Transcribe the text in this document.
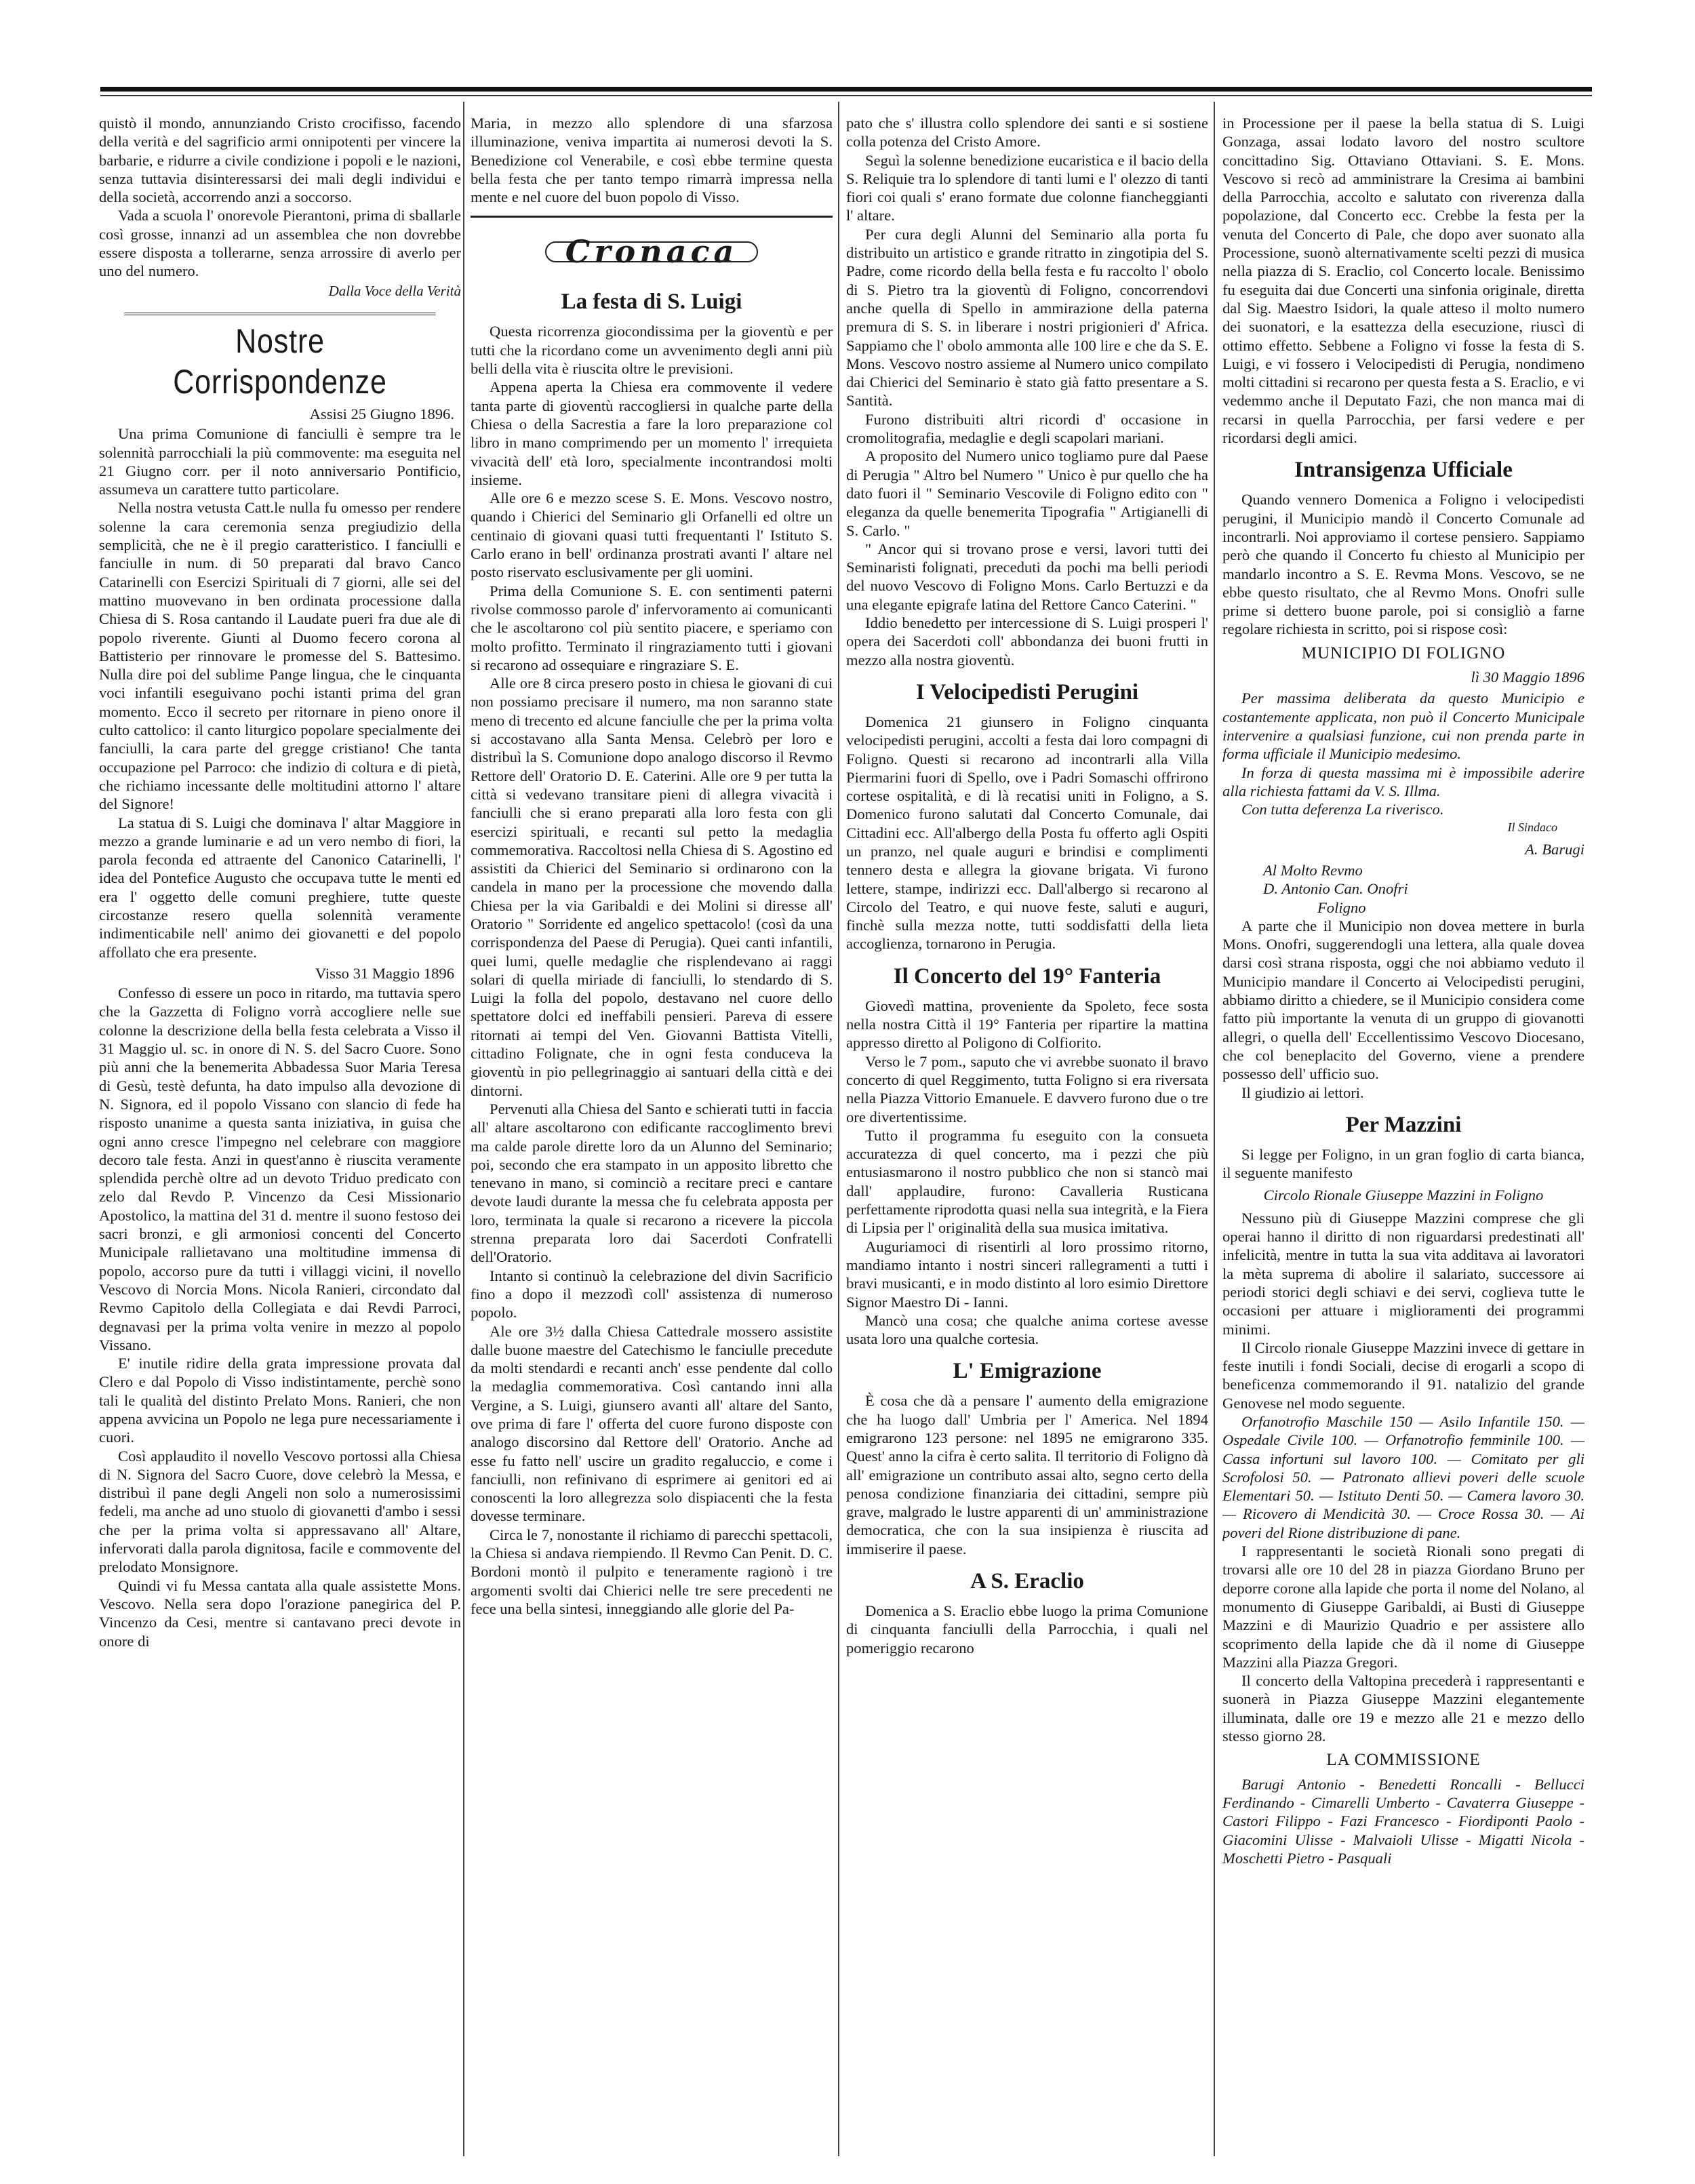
quistò il mondo, annunziando Cristo crocifisso, facendo della verità e del sagrificio armi onnipotenti per vincere la barbarie, e ridurre a civile condizione i popoli e le nazioni, senza tuttavia disinteressarsi dei mali degli individui e della società, accorrendo anzi a soccorso.

Vada a scuola l' onorevole Pierantoni, prima di sballarle così grosse, innanzi ad un assemblea che non dovrebbe essere disposta a tollerarne, senza arrossire di averlo per uno del numero.

Dalla Voce della Verità
Nostre Corrispondenze
Assisi 25 Giugno 1896.

Una prima Comunione di fanciulli è sempre tra le solennità parrocchiali la più commovente: ma eseguita nel 21 Giugno corr. per il noto anniversario Pontificio, assumeva un carattere tutto particolare.

Nella nostra vetusta Catt.le nulla fu omesso per rendere solenne la cara ceremonia senza pregiudizio della semplicità, che ne è il pregio caratteristico. I fanciulli e fanciulle in num. di 50 preparati dal bravo Canco Catarinelli con Esercizi Spirituali di 7 giorni, alle sei del mattino muovevano in ben ordinata processione dalla Chiesa di S. Rosa cantando il Laudate pueri fra due ale di popolo riverente. Giunti al Duomo fecero corona al Battisterio per rinnovare le promesse del S. Battesimo. Nulla dire poi del sublime Pange lingua, che le cinquanta voci infantili eseguivano pochi istanti prima del gran momento. Ecco il secreto per ritornare in pieno onore il culto cattolico: il canto liturgico popolare specialmente dei fanciulli, la cara parte del gregge cristiano! Che tanta occupazione pel Parroco: che indizio di coltura e di pietà, che richiamo incessante delle moltitudini attorno l' altare del Signore!

La statua di S. Luigi che dominava l' altar Maggiore in mezzo a grande luminarie e ad un vero nembo di fiori, la parola feconda ed attraente del Canonico Catarinelli, l' idea del Pontefice Augusto che occupava tutte le menti ed era l' oggetto delle comuni preghiere, tutte queste circostanze resero quella solennità veramente indimenticabile nell' animo dei giovanetti e del popolo affollato che era presente.

Visso 31 Maggio 1896

Confesso di essere un poco in ritardo, ma tuttavia spero che la Gazzetta di Foligno vorrà accogliere nelle sue colonne la descrizione della bella festa celebrata a Visso il 31 Maggio ul. sc. in onore di N. S. del Sacro Cuore. Sono più anni che la benemerita Abbadessa Suor Maria Teresa di Gesù, testè defunta, ha dato impulso alla devozione di N. Signora, ed il popolo Vissano con slancio di fede ha risposto unanime a questa santa iniziativa, in guisa che ogni anno cresce l'impegno nel celebrare con maggiore decoro tale festa. Anzi in quest'anno è riuscita veramente splendida perchè oltre ad un devoto Triduo predicato con zelo dal Revdo P. Vincenzo da Cesi Missionario Apostolico, la mattina del 31 d. mentre il suono festoso dei sacri bronzi, e gli armoniosi concenti del Concerto Municipale rallietavano una moltitudine immensa di popolo, accorso pure da tutti i villaggi vicini, il novello Vescovo di Norcia Mons. Nicola Ranieri, circondato dal Revmo Capitolo della Collegiata e dai Revdi Parroci, degnavasi per la prima volta venire in mezzo al popolo Vissano.

E' inutile ridire della grata impressione provata dal Clero e dal Popolo di Visso indistintamente, perchè sono tali le qualità del distinto Prelato Mons. Ranieri, che non appena avvicina un Popolo ne lega pure necessariamente i cuori.

Così applaudito il novello Vescovo portossi alla Chiesa di N. Signora del Sacro Cuore, dove celebrò la Messa, e distribuì il pane degli Angeli non solo a numerosissimi fedeli, ma anche ad uno stuolo di giovanetti d'ambo i sessi che per la prima volta si appressavano all' Altare, infervorati dalla parola dignitosa, facile e commovente del prelodato Monsignore.

Quindi vi fu Messa cantata alla quale assistette Mons. Vescovo. Nella sera dopo l'orazione panegirica del P. Vincenzo da Cesi, mentre si cantavano preci devote in onore di

Maria, in mezzo allo splendore di una sfarzosa illuminazione, veniva impartita ai numerosi devoti la S. Benedizione col Venerabile, e così ebbe termine questa bella festa che per tanto tempo rimarrà impressa nella mente e nel cuore del buon popolo di Visso.

Cronaca
La festa di S. Luigi

Questa ricorrenza giocondissima per la gioventù e per tutti che la ricordano come un avvenimento degli anni più belli della vita è riuscita oltre le previsioni.

Appena aperta la Chiesa era commovente il vedere tanta parte di gioventù raccogliersi in qualche parte della Chiesa o della Sacrestia a fare la loro preparazione col libro in mano comprimendo per un momento l' irrequieta vivacità dell' età loro, specialmente incontrandosi molti insieme.

Alle ore 6 e mezzo scese S. E. Mons. Vescovo nostro, quando i Chierici del Seminario gli Orfanelli ed oltre un centinaio di giovani quasi tutti frequentanti l' Istituto S. Carlo erano in bell' ordinanza prostrati avanti l' altare nel posto riservato esclusivamente per gli uomini.

Prima della Comunione S. E. con sentimenti paterni rivolse commosso parole d' infervoramento ai comunicanti che le ascoltarono col più sentito piacere, e speriamo con molto profitto. Terminato il ringraziamento tutti i giovani si recarono ad ossequiare e ringraziare S. E.

Alle ore 8 circa presero posto in chiesa le giovani di cui non possiamo precisare il numero, ma non saranno state meno di trecento ed alcune fanciulle che per la prima volta si accostavano alla Santa Mensa. Celebrò per loro e distribuì la S. Comunione dopo analogo discorso il Revmo Rettore dell' Oratorio D. E. Caterini. Alle ore 9 per tutta la città si vedevano transitare pieni di allegra vivacità i fanciulli che si erano preparati alla loro festa con gli esercizi spirituali, e recanti sul petto la medaglia commemorativa. Raccoltosi nella Chiesa di S. Agostino ed assistiti da Chierici del Seminario si ordinarono con la candela in mano per la processione che movendo dalla Chiesa per la via Garibaldi e dei Molini si diresse all' Oratorio " Sorridente ed angelico spettacolo! (così da una corrispondenza del Paese di Perugia). Quei canti infantili, quei lumi, quelle medaglie che risplendevano ai raggi solari di quella miriade di fanciulli, lo stendardo di S. Luigi la folla del popolo, destavano nel cuore dello spettatore dolci ed ineffabili pensieri. Pareva di essere ritornati ai tempi del Ven. Giovanni Battista Vitelli, cittadino Folignate, che in ogni festa conduceva la gioventù in pio pellegrinaggio ai santuari della città e dei dintorni.

Pervenuti alla Chiesa del Santo e schierati tutti in faccia all' altare ascoltarono con edificante raccoglimento brevi ma calde parole dirette loro da un Alunno del Seminario; poi, secondo che era stampato in un apposito libretto che tenevano in mano, si cominciò a recitare preci e cantare devote laudi durante la messa che fu celebrata apposta per loro, terminata la quale si recarono a ricevere la piccola strenna preparata loro dai Sacerdoti Confratelli dell'Oratorio.

Intanto si continuò la celebrazione del divin Sacrificio fino a dopo il mezzodì coll' assistenza di numeroso popolo.

Ale ore 3½ dalla Chiesa Cattedrale mossero assistite dalle buone maestre del Catechismo le fanciulle precedute da molti stendardi e recanti anch' esse pendente dal collo la medaglia commemorativa. Così cantando inni alla Vergine, a S. Luigi, giunsero avanti all' altare del Santo, ove prima di fare l' offerta del cuore furono disposte con analogo discorsino dal Rettore dell' Oratorio. Anche ad esse fu fatto nell' uscire un gradito regaluccio, e come i fanciulli, non refinivano di esprimere ai genitori ed ai conoscenti la loro allegrezza solo dispiacenti che la festa dovesse terminare.

Circa le 7, nonostante il richiamo di parecchi spettacoli, la Chiesa si andava riempiendo. Il Revmo Can Penit. D. C. Bordoni montò il pulpito e teneramente ragionò i tre argomenti svolti dai Chierici nelle tre sere precedenti ne fece una bella sintesi, inneggiando alle glorie del Pa-

pato che s' illustra collo splendore dei santi e si sostiene colla potenza del Cristo Amore.

Seguì la solenne benedizione eucaristica e il bacio della S. Reliquie tra lo splendore di tanti lumi e l' olezzo di tanti fiori coi quali s' erano formate due colonne fiancheggianti l' altare.

Per cura degli Alunni del Seminario alla porta fu distribuito un artistico e grande ritratto in zingotipia del S. Padre, come ricordo della bella festa e fu raccolto l' obolo di S. Pietro tra la gioventù di Foligno, concorrendovi anche quella di Spello in ammirazione della paterna premura di S. S. in liberare i nostri prigionieri d' Africa. Sappiamo che l' obolo ammonta alle 100 lire e che da S. E. Mons. Vescovo nostro assieme al Numero unico compilato dai Chierici del Seminario è stato già fatto presentare a S. Santità.

Furono distribuiti altri ricordi d' occasione in cromolitografia, medaglie e degli scapolari mariani.

A proposito del Numero unico togliamo pure dal Paese di Perugia " Altro bel Numero " Unico è pur quello che ha dato fuori il " Seminario Vescovile di Foligno edito con " eleganza da quelle benemerita Tipografia " Artigianelli di S. Carlo. "

" Ancor qui si trovano prose e versi, lavori tutti dei Seminaristi folignati, preceduti da pochi ma belli periodi del nuovo Vescovo di Foligno Mons. Carlo Bertuzzi e da una elegante epigrafe latina del Rettore Canco Caterini. "

Iddio benedetto per intercessione di S. Luigi prosperi l' opera dei Sacerdoti coll' abbondanza dei buoni frutti in mezzo alla nostra gioventù.

I Velocipedisti Perugini

Domenica 21 giunsero in Foligno cinquanta velocipedisti perugini, accolti a festa dai loro compagni di Foligno. Questi si recarono ad incontrarli alla Villa Piermarini fuori di Spello, ove i Padri Somaschi offrirono cortese ospitalità, e di là recatisi uniti in Foligno, a S. Domenico furono salutati dal Concerto Comunale, dai Cittadini ecc. All'albergo della Posta fu offerto agli Ospiti un pranzo, nel quale auguri e brindisi e complimenti tennero desta e allegra la giovane brigata. Vi furono lettere, stampe, indirizzi ecc. Dall'albergo si recarono al Circolo del Teatro, e qui nuove feste, saluti e auguri, finchè sulla mezza notte, tutti soddisfatti della lieta accoglienza, tornarono in Perugia.

Il Concerto del 19° Fanteria

Giovedì mattina, proveniente da Spoleto, fece sosta nella nostra Città il 19° Fanteria per ripartire la mattina appresso diretto al Poligono di Colfiorito.

Verso le 7 pom., saputo che vi avrebbe suonato il bravo concerto di quel Reggimento, tutta Foligno si era riversata nella Piazza Vittorio Emanuele. E davvero furono due o tre ore divertentissime.

Tutto il programma fu eseguito con la consueta accuratezza di quel concerto, ma i pezzi che più entusiasmarono il nostro pubblico che non si stancò mai dall' applaudire, furono: Cavalleria Rusticana perfettamente riprodotta quasi nella sua integrità, e la Fiera di Lipsia per l' originalità della sua musica imitativa.

Auguriamoci di risentirli al loro prossimo ritorno, mandiamo intanto i nostri sinceri rallegramenti a tutti i bravi musicanti, e in modo distinto al loro esimio Direttore Signor Maestro Di - Ianni.

Mancò una cosa; che qualche anima cortese avesse usata loro una qualche cortesia.

L' Emigrazione

È cosa che dà a pensare l' aumento della emigrazione che ha luogo dall' Umbria per l' America. Nel 1894 emigrarono 123 persone: nel 1895 ne emigrarono 335. Quest' anno la cifra è certo salita. Il territorio di Foligno dà all' emigrazione un contributo assai alto, segno certo della penosa condizione finanziaria dei cittadini, sempre più grave, malgrado le lustre apparenti di un' amministrazione democratica, che con la sua insipienza è riuscita ad immiserire il paese.

A S. Eraclio

Domenica a S. Eraclio ebbe luogo la prima Comunione di cinquanta fanciulli della Parrocchia, i quali nel pomeriggio recarono

in Processione per il paese la bella statua di S. Luigi Gonzaga, assai lodato lavoro del nostro scultore concittadino Sig. Ottaviano Ottaviani. S. E. Mons. Vescovo si recò ad amministrare la Cresima ai bambini della Parrocchia, accolto e salutato con riverenza dalla popolazione, dal Concerto ecc. Crebbe la festa per la venuta del Concerto di Pale, che dopo aver suonato alla Processione, suonò alternativamente scelti pezzi di musica nella piazza di S. Eraclio, col Concerto locale. Benissimo fu eseguita dai due Concerti una sinfonia originale, diretta dal Sig. Maestro Isidori, la quale atteso il molto numero dei suonatori, e la esattezza della esecuzione, riuscì di ottimo effetto. Sebbene a Foligno vi fosse la festa di S. Luigi, e vi fossero i Velocipedisti di Perugia, nondimeno molti cittadini si recarono per questa festa a S. Eraclio, e vi vedemmo anche il Deputato Fazi, che non manca mai di recarsi in quella Parrocchia, per farsi vedere e per ricordarsi degli amici.

Intransigenza Ufficiale

Quando vennero Domenica a Foligno i velocipedisti perugini, il Municipio mandò il Concerto Comunale ad incontrarli. Noi approviamo il cortese pensiero. Sappiamo però che quando il Concerto fu chiesto al Municipio per mandarlo incontro a S. E. Revma Mons. Vescovo, se ne ebbe questo risultato, che al Revmo Mons. Onofri sulle prime si dettero buone parole, poi si consigliò a farne regolare richiesta in scritto, poi si rispose così:

MUNICIPIO DI FOLIGNO
lì 30 Maggio 1896

Per massima deliberata da questo Municipio e costantemente applicata, non può il Concerto Municipale intervenire a qualsiasi funzione, cui non prenda parte in forma ufficiale il Municipio medesimo.

In forza di questa massima mi è impossibile aderire alla richiesta fattami da V. S. Illma.

Con tutta deferenza La riverisco.

Il Sindaco
A. Barugi
Al Molto Revmo
D. Antonio Can. Onofri
Foligno

A parte che il Municipio non dovea mettere in burla Mons. Onofri, suggerendogli una lettera, alla quale dovea darsi così strana risposta, oggi che noi abbiamo veduto il Municipio mandare il Concerto ai Velocipedisti perugini, abbiamo diritto a chiedere, se il Municipio considera come fatto più importante la venuta di un gruppo di giovanotti allegri, o quella dell' Eccellentissimo Vescovo Diocesano, che col beneplacito del Governo, viene a prendere possesso dell' ufficio suo.

Il giudizio ai lettori.

Per Mazzini

Si legge per Foligno, in un gran foglio di carta bianca, il seguente manifesto

Circolo Rionale Giuseppe Mazzini in Foligno

Nessuno più di Giuseppe Mazzini comprese che gli operai hanno il diritto di non riguardarsi predestinati all' infelicità, mentre in tutta la sua vita additava ai lavoratori la mèta suprema di abolire il salariato, successore ai periodi storici degli schiavi e dei servi, coglieva tutte le occasioni per attuare i miglioramenti dei programmi minimi.

Il Circolo rionale Giuseppe Mazzini invece di gettare in feste inutili i fondi Sociali, decise di erogarli a scopo di beneficenza commemorando il 91. natalizio del grande Genovese nel modo seguente.

Orfanotrofio Maschile 150 — Asilo Infantile 150. — Ospedale Civile 100. — Orfanotrofio femminile 100. — Cassa infortuni sul lavoro 100. — Comitato per gli Scrofolosi 50. — Patronato allievi poveri delle scuole Elementari 50. — Istituto Denti 50. — Camera lavoro 30. — Ricovero di Mendicità 30. — Croce Rossa 30. — Ai poveri del Rione distribuzione di pane.

I rappresentanti le società Rionali sono pregati di trovarsi alle ore 10 del 28 in piazza Giordano Bruno per deporre corone alla lapide che porta il nome del Nolano, al monumento di Giuseppe Garibaldi, ai Busti di Giuseppe Mazzini e di Maurizio Quadrio e per assistere allo scoprimento della lapide che dà il nome di Giuseppe Mazzini alla Piazza Gregori.

Il concerto della Valtopina precederà i rappresentanti e suonerà in Piazza Giuseppe Mazzini elegantemente illuminata, dalle ore 19 e mezzo alle 21 e mezzo dello stesso giorno 28.

LA COMMISSIONE

Barugi Antonio - Benedetti Roncalli - Bellucci Ferdinando - Cimarelli Umberto - Cavaterra Giuseppe - Castori Filippo - Fazi Francesco - Fiordiponti Paolo - Giacomini Ulisse - Malvaioli Ulisse - Migatti Nicola - Moschetti Pietro - Pasquali
